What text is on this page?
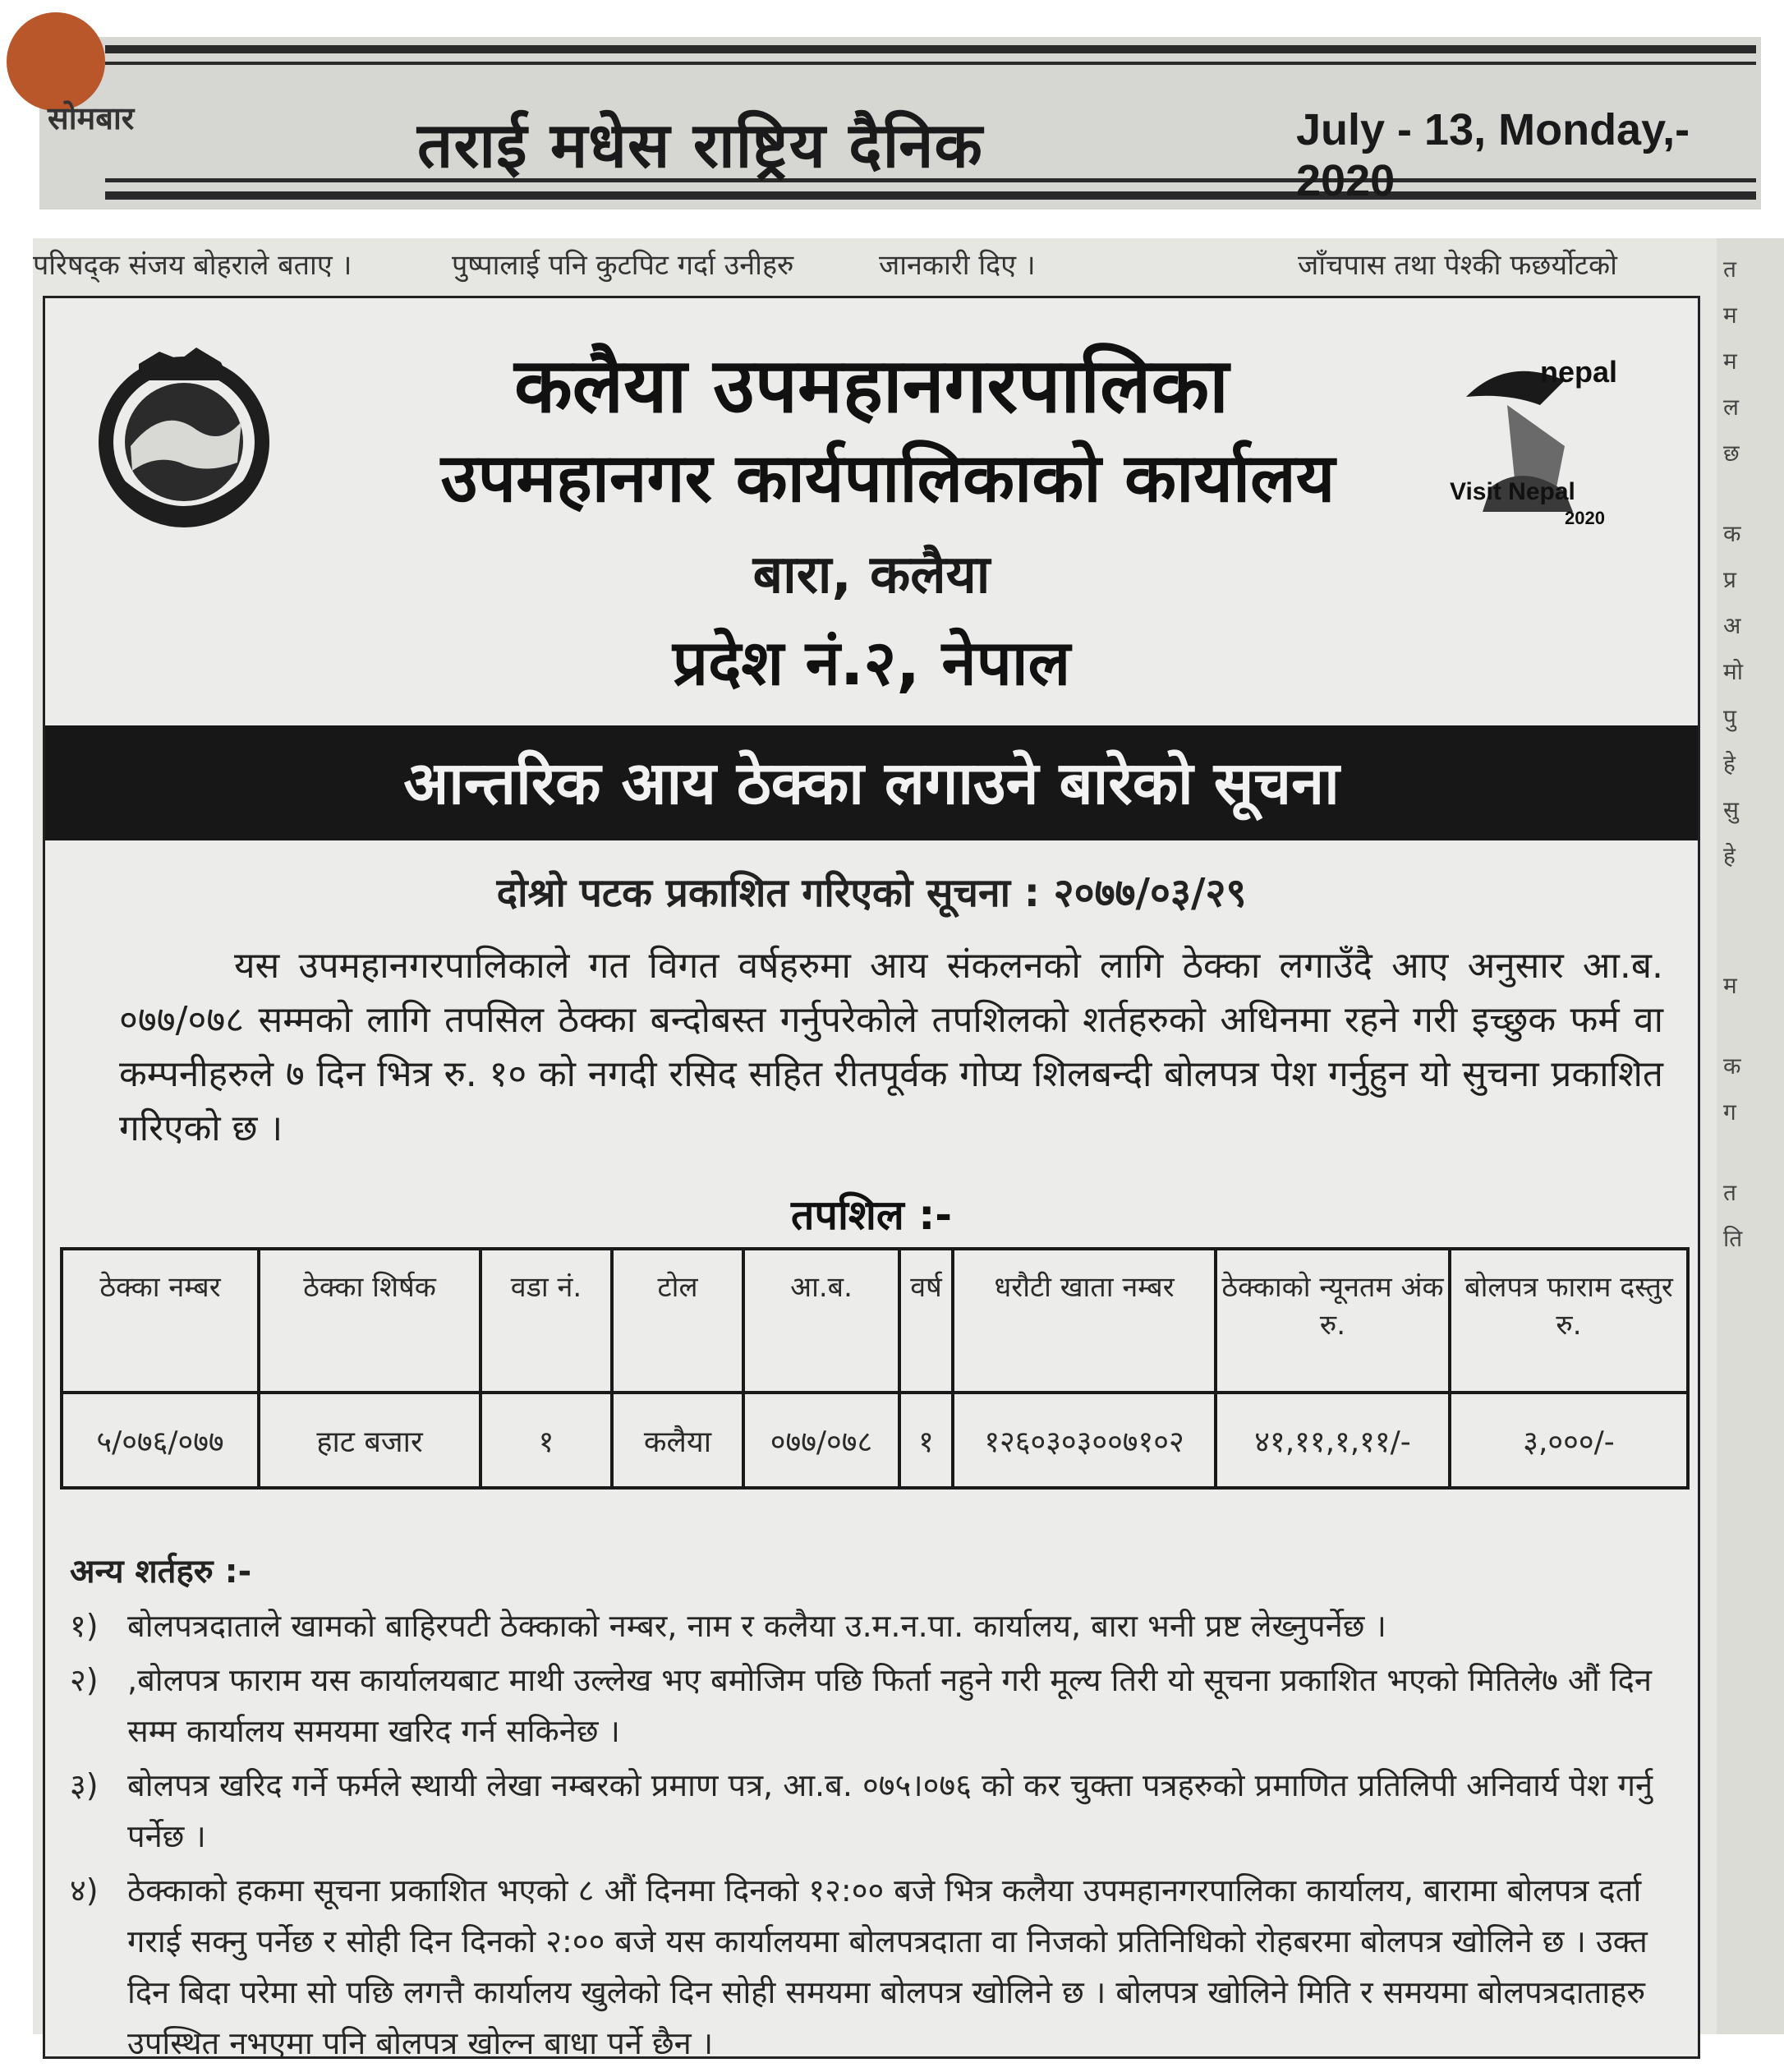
सोमबार	तराई मधेस राष्ट्रिय दैनिक	July - 13, Monday,- 2020
परिषद्क संजय बोहराले बताए ।	पुष्पालाई पनि कुटपिट गर्दा उनीहरु	जानकारी दिए ।	जाँचपास तथा पेश्की फछर्योटको
nepal
Visit Nepal
2020
कलैया उपमहानगरपालिका
उपमहानगर कार्यपालिकाको कार्यालय
बारा, कलैया
प्रदेश नं.२, नेपाल
आन्तरिक आय ठेक्का लगाउने बारेको सूचना
दोश्रो पटक प्रकाशित गरिएको सूचना : २०७७/०३/२९
यस उपमहानगरपालिकाले गत विगत वर्षहरुमा आय संकलनको लागि ठेक्का लगाउँदै आए अनुसार आ.ब. ०७७/०७८ सम्मको लागि तपसिल ठेक्का बन्दोबस्त गर्नुपरेकोले तपशिलको शर्तहरुको अधिनमा रहने गरी इच्छुक फर्म वा कम्पनीहरुले ७ दिन भित्र रु. १० को नगदी रसिद सहित रीतपूर्वक गोप्य शिलबन्दी बोलपत्र पेश गर्नुहुन यो सुचना प्रकाशित गरिएको छ ।
तपशिल :-
ठेक्का नम्बर	ठेक्का शिर्षक	वडा नं.	टोल	आ.ब.	वर्ष	धरौटी खाता नम्बर	ठेक्काको न्यूनतम अंक रु.	बोलपत्र फाराम दस्तुर रु.
५/०७६/०७७	हाट बजार	१	कलैया	०७७/०७८	१	१२६०३०३००७१०२	४१,११,१,११/-	३,०००/-
अन्य शर्तहरु :-
१) बोलपत्रदाताले खामको बाहिरपटी ठेक्काको नम्बर, नाम र कलैया उ.म.न.पा. कार्यालय, बारा भनी प्रष्ट लेख्नुपर्नेछ ।
२) ,बोलपत्र फाराम यस कार्यालयबाट माथी उल्लेख भए बमोजिम पछि फिर्ता नहुने गरी मूल्य तिरी यो सूचना प्रकाशित भएको मितिले७ औं दिन सम्म कार्यालय समयमा खरिद गर्न सकिनेछ ।
३) बोलपत्र खरिद गर्ने फर्मले स्थायी लेखा नम्बरको प्रमाण पत्र, आ.ब. ०७५।०७६ को कर चुक्ता पत्रहरुको प्रमाणित प्रतिलिपी अनिवार्य पेश गर्नु पर्नेछ ।
४) ठेक्काको हकमा सूचना प्रकाशित भएको ८ औं दिनमा दिनको १२:०० बजे भित्र कलैया उपमहानगरपालिका कार्यालय, बारामा बोलपत्र दर्ता गराई सक्नु पर्नेछ र सोही दिन दिनको २:०० बजे यस कार्यालयमा बोलपत्रदाता वा निजको प्रतिनिधिको रोहबरमा बोलपत्र खोलिने छ । उक्त दिन बिदा परेमा सो पछि लगत्तै कार्यालय खुलेको दिन सोही समयमा बोलपत्र खोलिने छ । बोलपत्र खोलिने मिति र समयमा बोलपत्रदाताहरु उपस्थित नभएमा पनि बोलपत्र खोल्न बाधा पर्ने छैन ।
त
म
म
ल
छ
क
प्र
अ
मो
पु
हे
सु
हे
म
क
ग
त
ति
